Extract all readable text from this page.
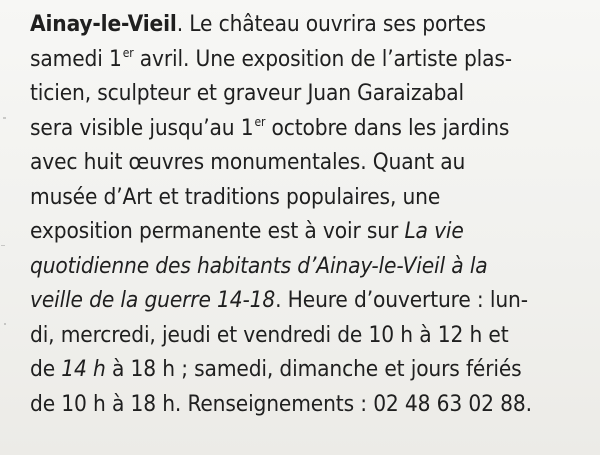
Ainay-le-Vieil. Le château ouvrira ses portes
samedi 1er avril. Une exposition de l’artiste plas-
ticien, sculpteur et graveur Juan Garaizabal
sera visible jusqu’au 1er octobre dans les jardins
avec huit œuvres monumentales. Quant au
musée d’Art et traditions populaires, une
exposition permanente est à voir sur La vie
quotidienne des habitants d’Ainay-le-Vieil à la
veille de la guerre 14-18. Heure d’ouverture : lun-
di, mercredi, jeudi et vendredi de 10 h à 12 h et
de 14 h à 18 h ; samedi, dimanche et jours fériés
de 10 h à 18 h. Renseignements : 02 48 63 02 88.
